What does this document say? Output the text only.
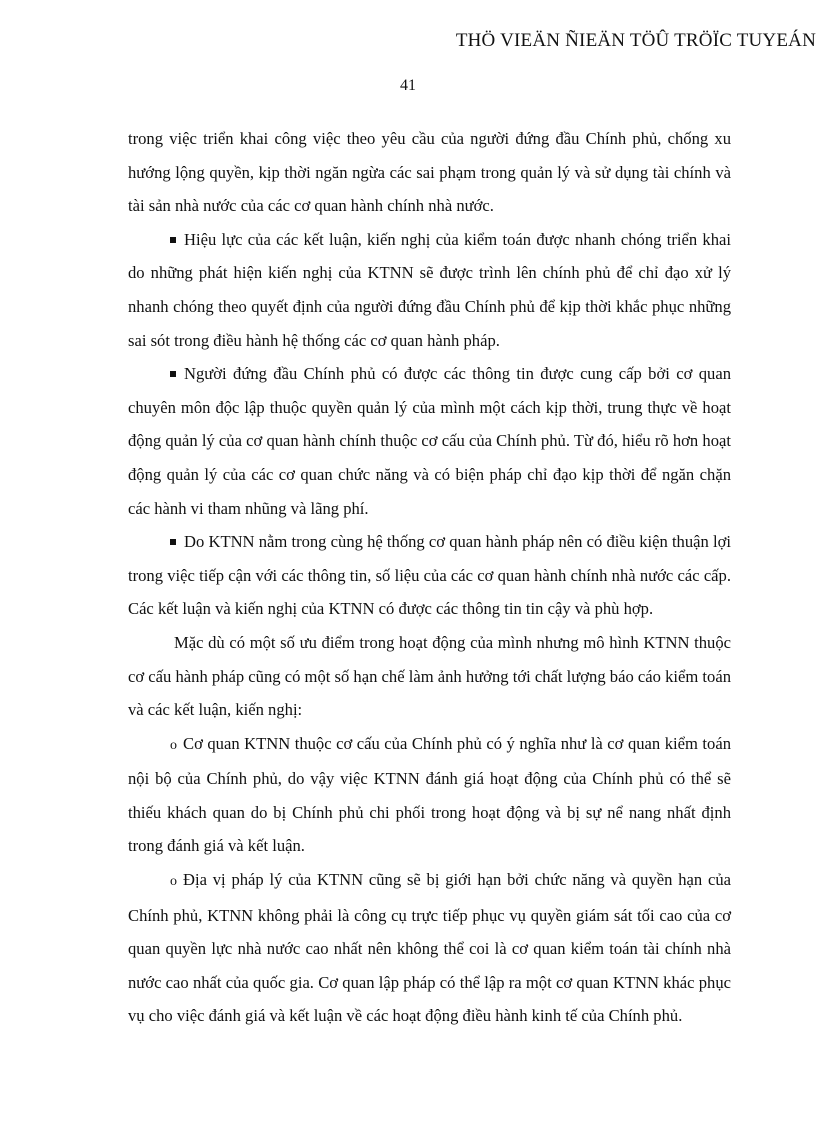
THÖ VIEÄN ÑIEÄN TÖÛ TRÖÏC TUYEÁN
41

trong việc triển khai công việc theo yêu cầu của người đứng đầu Chính phủ, chống xu hướng lộng quyền, kịp thời ngăn ngừa các sai phạm trong quản lý và sử dụng tài chính và tài sản nhà nước của các cơ quan hành chính nhà nước.

Hiệu lực của các kết luận, kiến nghị của kiểm toán được nhanh chóng triển khai do những phát hiện kiến nghị của KTNN sẽ được trình lên chính phủ để chỉ đạo xử lý nhanh chóng theo quyết định của người đứng đầu Chính phủ để kịp thời khắc phục những sai sót trong điều hành hệ thống các cơ quan hành pháp.

Người đứng đầu Chính phủ có được các thông tin được cung cấp bởi cơ quan chuyên môn độc lập thuộc quyền quản lý của mình một cách kịp thời, trung thực về hoạt động quản lý của cơ quan hành chính thuộc cơ cấu của Chính phủ. Từ đó, hiểu rõ hơn hoạt động quản lý của các cơ quan chức năng và có biện pháp chỉ đạo kịp thời để ngăn chặn các hành vi tham nhũng và lãng phí.

Do KTNN nằm trong cùng hệ thống cơ quan hành pháp nên có điều kiện thuận lợi trong việc tiếp cận với các thông tin, số liệu của các cơ quan hành chính nhà nước các cấp. Các kết luận và kiến nghị của KTNN có được các thông tin tin cậy và phù hợp.

Mặc dù có một số ưu điểm trong hoạt động của mình nhưng mô hình KTNN thuộc cơ cấu hành pháp cũng có một số hạn chế làm ảnh hưởng tới chất lượng báo cáo kiểm toán và các kết luận, kiến nghị:

o Cơ quan KTNN thuộc cơ cấu của Chính phủ có ý nghĩa như là cơ quan kiểm toán nội bộ của Chính phủ, do vậy việc KTNN đánh giá hoạt động của Chính phủ có thể sẽ thiếu khách quan do bị Chính phủ chi phối trong hoạt động và bị sự nể nang nhất định trong đánh giá và kết luận.

o Địa vị pháp lý của KTNN cũng sẽ bị giới hạn bởi chức năng và quyền hạn của Chính phủ, KTNN không phải là công cụ trực tiếp phục vụ quyền giám sát tối cao của cơ quan quyền lực nhà nước cao nhất nên không thể coi là cơ quan kiểm toán tài chính nhà nước cao nhất của quốc gia. Cơ quan lập pháp có thể lập ra một cơ quan KTNN khác phục vụ cho việc đánh giá và kết luận về các hoạt động điều hành kinh tế của Chính phủ.
